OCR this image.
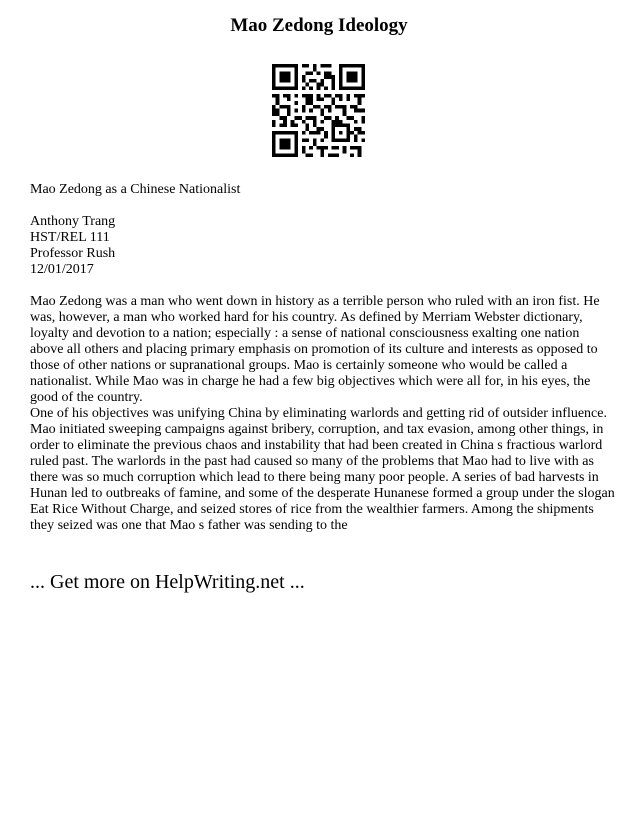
Mao Zedong Ideology

Mao Zedong as a Chinese Nationalist

Anthony Trang

HST/REL 111

Professor Rush

12/01/2017

Mao Zedong was a man who went down in history as a terrible person who ruled with an iron fist. He was, however, a man who worked hard for his country. As defined by Merriam Webster dictionary, loyalty and devotion to a nation; especially : a sense of national consciousness exalting one nation above all others and placing primary emphasis on promotion of its culture and interests as opposed to those of other nations or supranational groups. Mao is certainly someone who would be called a nationalist. While Mao was in charge he had a few big objectives which were all for, in his eyes, the good of the country.

One of his objectives was unifying China by eliminating warlords and getting rid of outsider influence. Mao initiated sweeping campaigns against bribery, corruption, and tax evasion, among other things, in order to eliminate the previous chaos and instability that had been created in China s fractious warlord ruled past. The warlords in the past had caused so many of the problems that Mao had to live with as there was so much corruption which lead to there being many poor people. A series of bad harvests in Hunan led to outbreaks of famine, and some of the desperate Hunanese formed a group under the slogan Eat Rice Without Charge, and seized stores of rice from the wealthier farmers. Among the shipments they seized was one that Mao s father was sending to the

... Get more on HelpWriting.net ...
